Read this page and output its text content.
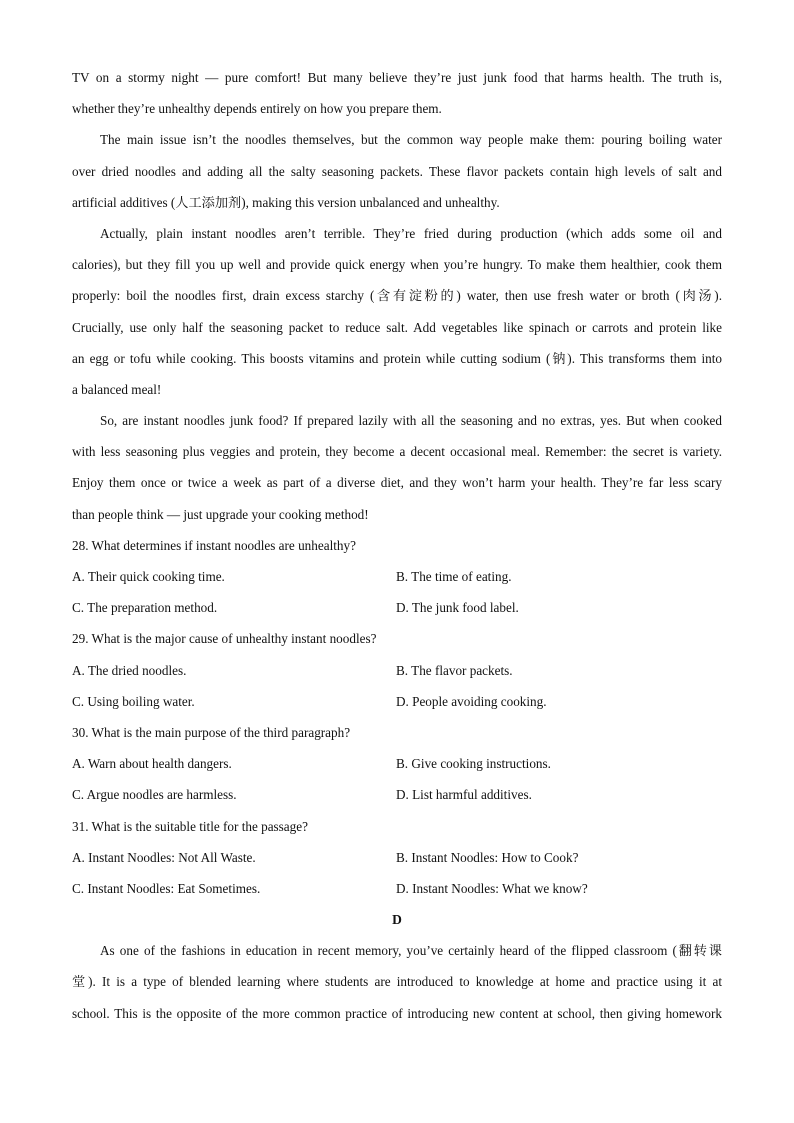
TV on a stormy night — pure comfort! But many believe they’re just junk food that harms health. The truth is,
whether they’re unhealthy depends entirely on how you prepare them.
The main issue isn’t the noodles themselves, but the common way people make them: pouring boiling water
over dried noodles and adding all the salty seasoning packets. These flavor packets contain high levels of salt and
artificial additives (人工添加剂), making this version unbalanced and unhealthy.
Actually, plain instant noodles aren’t terrible. They’re fried during production (which adds some oil and
calories), but they fill you up well and provide quick energy when you’re hungry. To make them healthier, cook them
properly: boil the noodles first, drain excess starchy (含有淀粉的) water, then use fresh water or broth (肉汤).
Crucially, use only half the seasoning packet to reduce salt. Add vegetables like spinach or carrots and protein like
an egg or tofu while cooking. This boosts vitamins and protein while cutting sodium (钠). This transforms them into
a balanced meal!
So, are instant noodles junk food? If prepared lazily with all the seasoning and no extras, yes. But when cooked
with less seasoning plus veggies and protein, they become a decent occasional meal. Remember: the secret is variety.
Enjoy them once or twice a week as part of a diverse diet, and they won’t harm your health. They’re far less scary
than people think — just upgrade your cooking method!
28. What determines if instant noodles are unhealthy?
A. Their quick cooking time.	B. The time of eating.
C. The preparation method.	D. The junk food label.
29. What is the major cause of unhealthy instant noodles?
A. The dried noodles.	B. The flavor packets.
C. Using boiling water.	D. People avoiding cooking.
30. What is the main purpose of the third paragraph?
A. Warn about health dangers.	B. Give cooking instructions.
C. Argue noodles are harmless.	D. List harmful additives.
31. What is the suitable title for the passage?
A. Instant Noodles: Not All Waste.	B. Instant Noodles: How to Cook?
C. Instant Noodles: Eat Sometimes.	D. Instant Noodles: What we know?
D
As one of the fashions in education in recent memory, you’ve certainly heard of the flipped classroom (翻转课
堂). It is a type of blended learning where students are introduced to knowledge at home and practice using it at
school. This is the opposite of the more common practice of introducing new content at school, then giving homework
